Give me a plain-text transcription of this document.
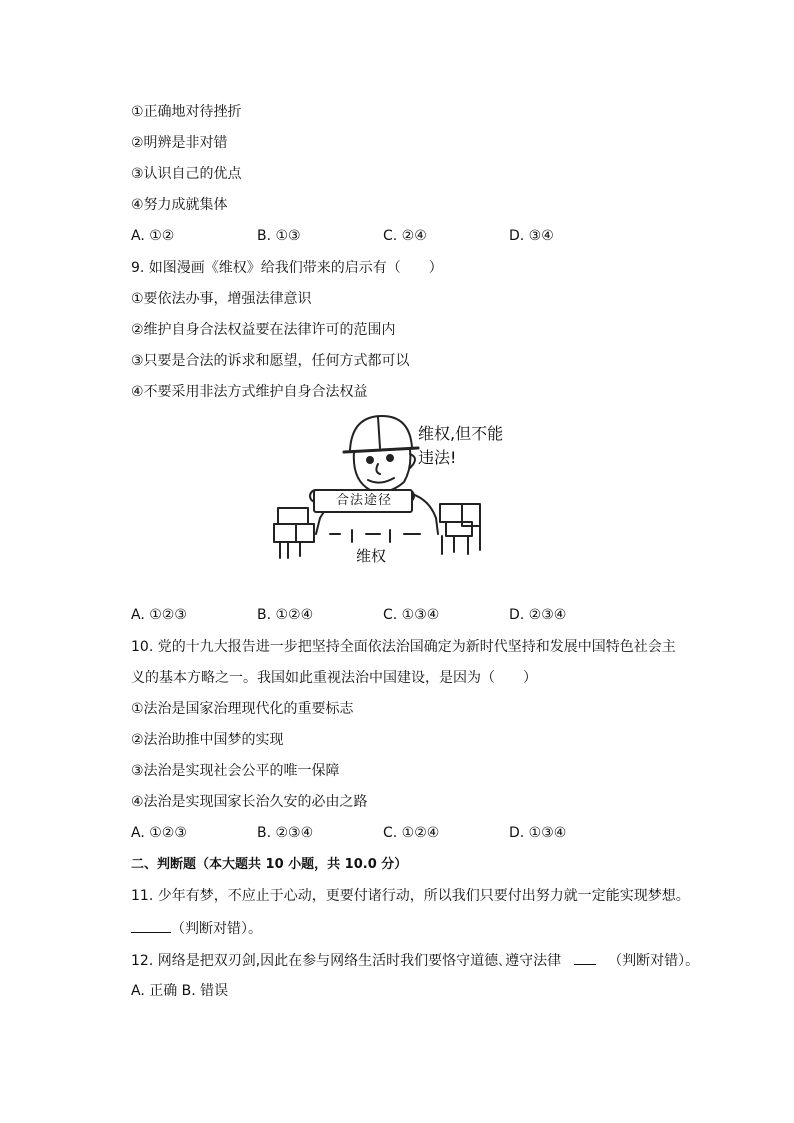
①正确地对待挫折
②明辨是非对错
③认识自己的优点
④努力成就集体
A. ①②	B. ①③	C. ②④	D. ③④
9. 如图漫画《维权》给我们带来的启示有（　　）
①要依法办事，增强法律意识
②维护自身合法权益要在法律许可的范围内
③只要是合法的诉求和愿望，任何方式都可以
④不要采用非法方式维护自身合法权益
合法途径
维权,但不能
违法!
维权
A. ①②③	B. ①②④	C. ①③④	D. ②③④
10. 党的十九大报告进一步把坚持全面依法治国确定为新时代坚持和发展中国特色社会主
义的基本方略之一。我国如此重视法治中国建设，是因为（　　）
①法治是国家治理现代化的重要标志
②法治助推中国梦的实现
③法治是实现社会公平的唯一保障
④法治是实现国家长治久安的必由之路
A. ①②③	B. ②③④	C. ①②④	D. ①③④
二、判断题（本大题共 10 小题，共 10.0 分）
11. 少年有梦，不应止于心动，更要付诸行动，所以我们只要付出努力就一定能实现梦想。
（判断对错）。
12. 网络是把双刃剑,因此在参与网络生活时我们要恪守道德､遵守法律	（判断对错）。
A. 正确 B. 错误
